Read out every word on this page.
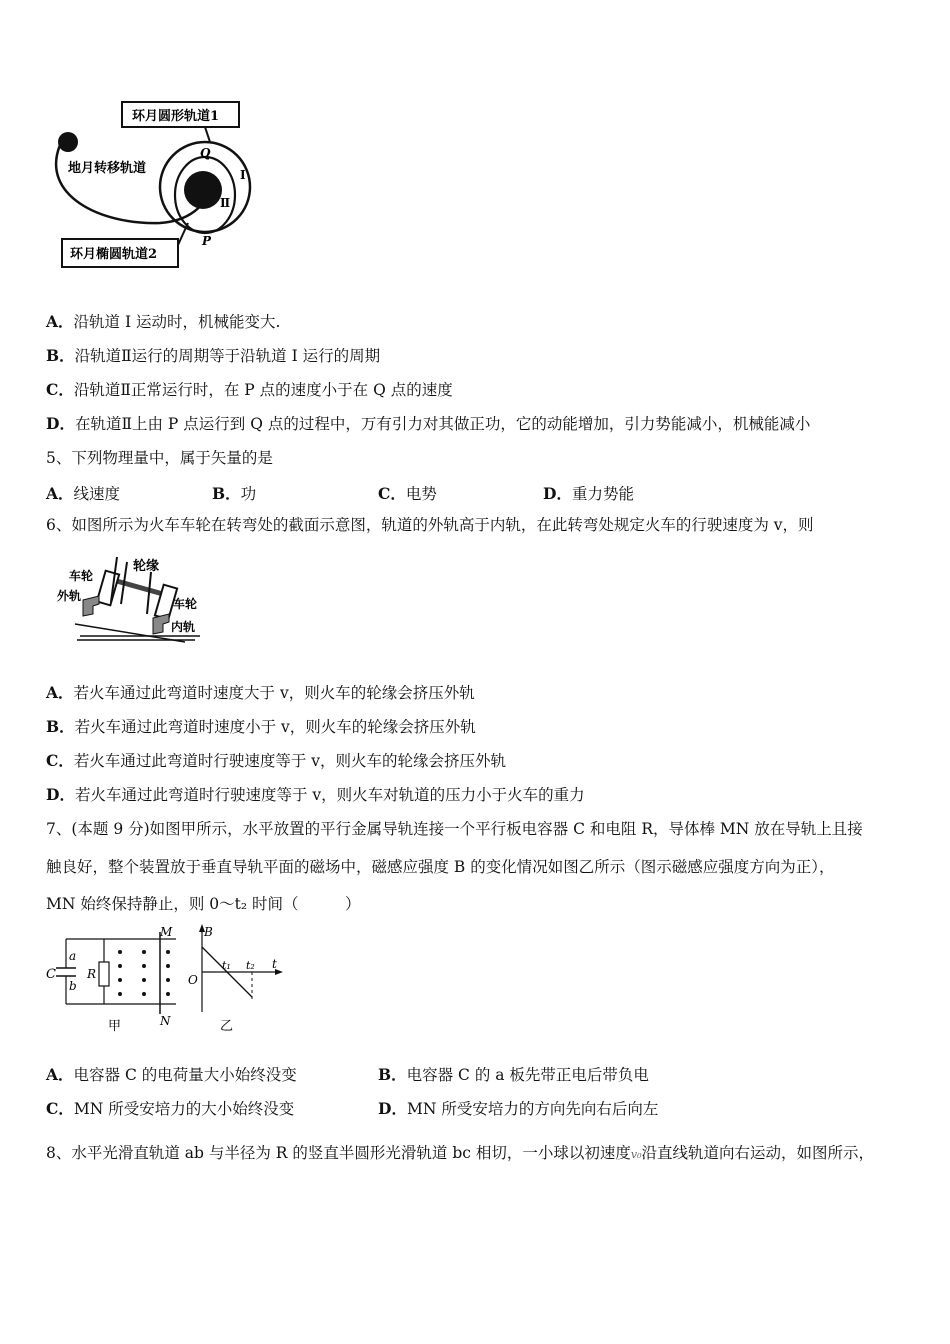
环月圆形轨道1
地月转移轨道
环月椭圆轨道2
Q
I
Ⅱ
P
A．沿轨道 I 运动时，机械能变大.
B．沿轨道Ⅱ运行的周期等于沿轨道 I 运行的周期
C．沿轨道Ⅱ正常运行时，在 P 点的速度小于在 Q 点的速度
D．在轨道Ⅱ上由 P 点运行到 Q 点的过程中，万有引力对其做正功，它的动能增加，引力势能减小，机械能减小
5、下列物理量中，属于矢量的是
A．线速度	B．功	C．电势	D．重力势能
6、如图所示为火车车轮在转弯处的截面示意图，轨道的外轨高于内轨，在此转弯处规定火车的行驶速度为 v，则
轮缘
车轮
外轨
车轮
内轨
A．若火车通过此弯道时速度大于 v，则火车的轮缘会挤压外轨
B．若火车通过此弯道时速度小于 v，则火车的轮缘会挤压外轨
C．若火车通过此弯道时行驶速度等于 v，则火车的轮缘会挤压外轨
D．若火车通过此弯道时行驶速度等于 v，则火车对轨道的压力小于火车的重力
7、(本题 9 分)如图甲所示，水平放置的平行金属导轨连接一个平行板电容器 C 和电阻 R，导体棒 MN 放在导轨上且接
触良好，整个装置放于垂直导轨平面的磁场中，磁感应强度 B 的变化情况如图乙所示（图示磁感应强度方向为正），
MN 始终保持静止，则 0～t₂ 时间（　　　）
C
a
b
R
M
N
甲
B
O
t₁ t₂ t
乙
A．电容器 C 的电荷量大小始终没变	B．电容器 C 的 a 板先带正电后带负电
C．MN 所受安培力的大小始终没变	D．MN 所受安培力的方向先向右后向左
8、水平光滑直轨道 ab 与半径为 R 的竖直半圆形光滑轨道 bc 相切，一小球以初速度v₀沿直线轨道向右运动，如图所示，
